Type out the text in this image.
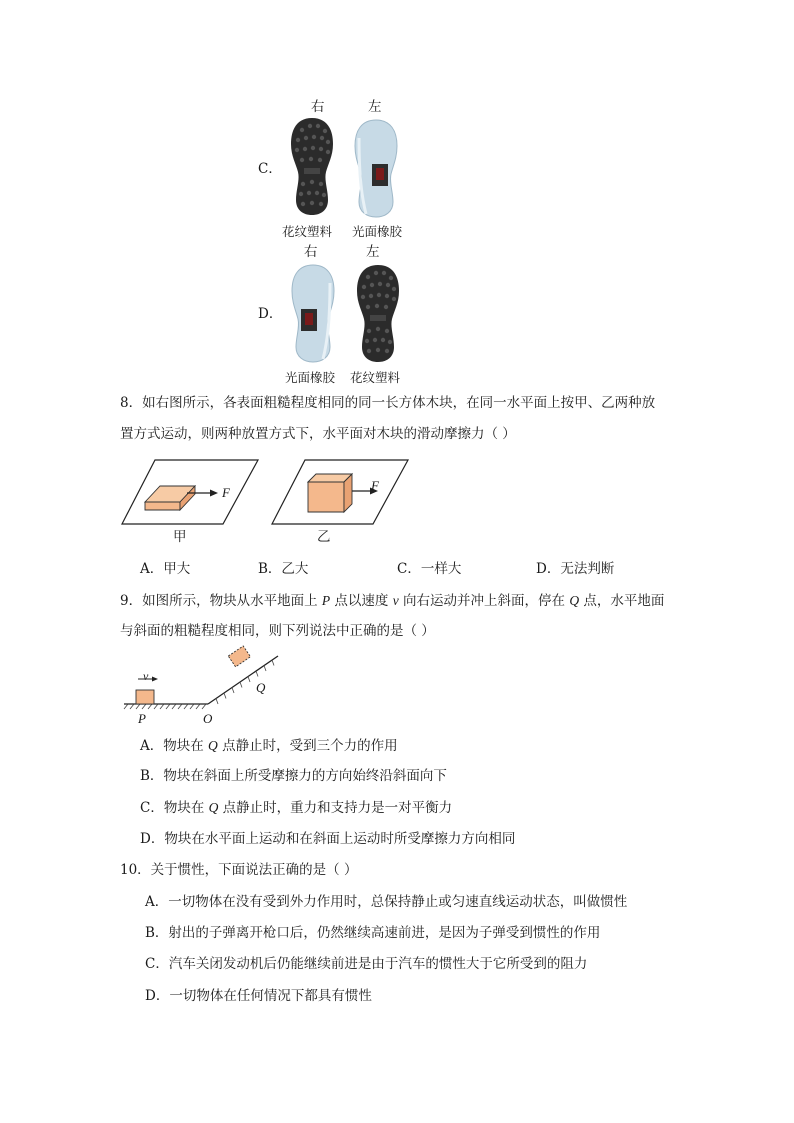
右	左
C．
花纹塑料 光面橡胶
右	左
D．
光面橡胶 花纹塑料
8．如右图所示，各表面粗糙程度相同的同一长方体木块，在同一水平面上按甲、乙两种放
置方式运动，则两种放置方式下，水平面对木块的滑动摩擦力（ ）
F
甲
F
乙
A．甲大	B．乙大	C．一样大	D．无法判断
9．如图所示，物块从水平地面上 P 点以速度 v 向右运动并冲上斜面，停在 Q 点，水平地面
与斜面的粗糙程度相同，则下列说法中正确的是（ ）
v
P	O
Q
A．物块在 Q 点静止时，受到三个力的作用
B．物块在斜面上所受摩擦力的方向始终沿斜面向下
C．物块在 Q 点静止时，重力和支持力是一对平衡力
D．物块在水平面上运动和在斜面上运动时所受摩擦力方向相同
10．关于惯性，下面说法正确的是（ ）
A．一切物体在没有受到外力作用时，总保持静止或匀速直线运动状态，叫做惯性
B．射出的子弹离开枪口后，仍然继续高速前进，是因为子弹受到惯性的作用
C．汽车关闭发动机后仍能继续前进是由于汽车的惯性大于它所受到的阻力
D．一切物体在任何情况下都具有惯性
